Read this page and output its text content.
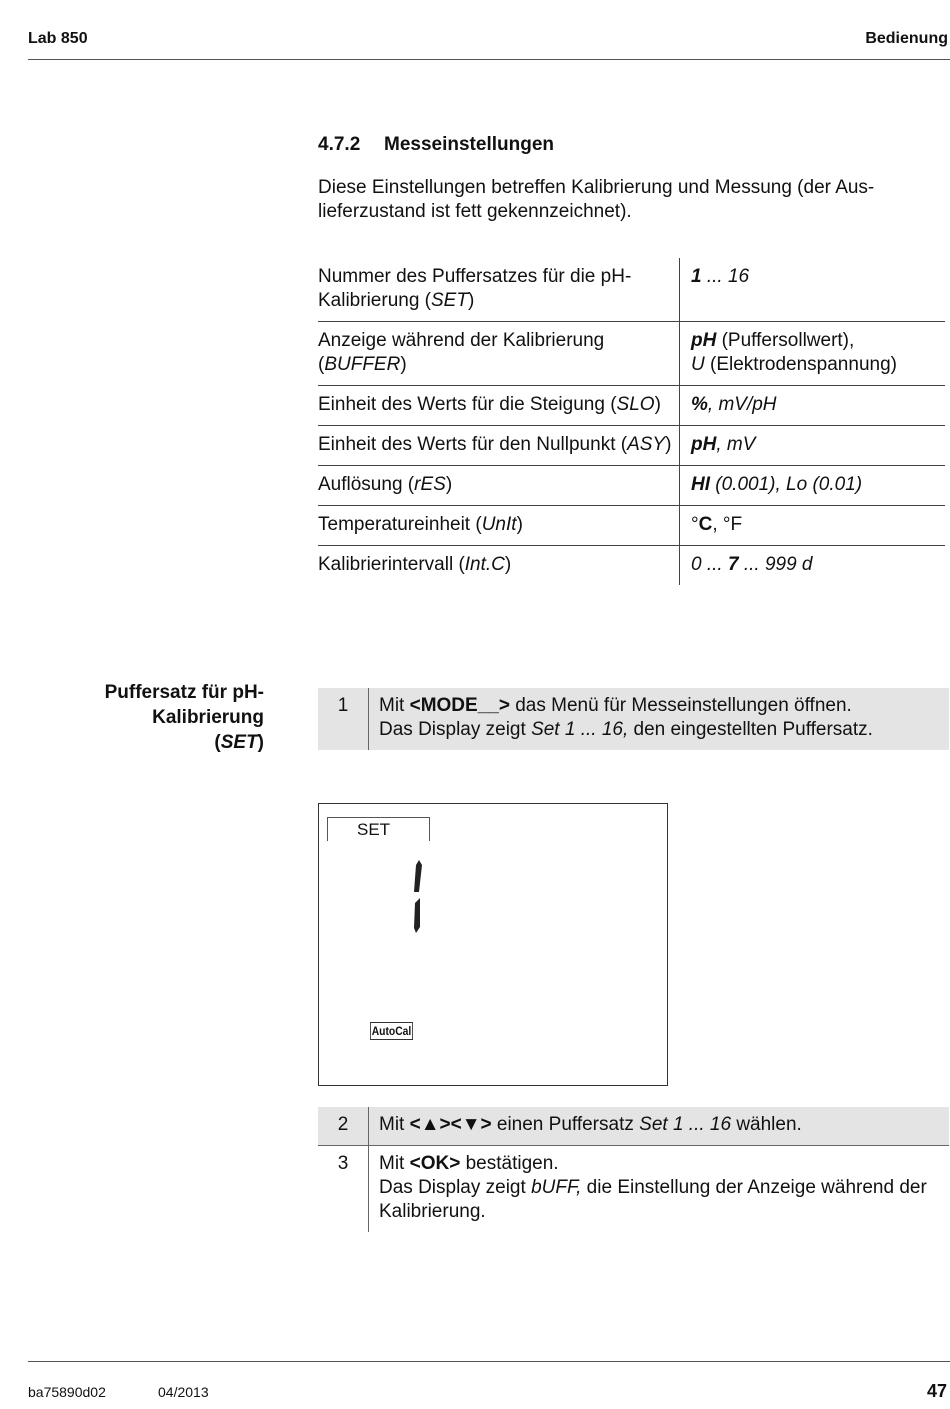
Lab 850	Bedienung
4.7.2 Messeinstellungen
Diese Einstellungen betreffen Kalibrierung und Messung (der Aus-lieferzustand ist fett gekennzeichnet).
Nummer des Puffersatzes für die pH-Kalibrierung (SET)	1 ... 16
Anzeige während der Kalibrierung (BUFFER)	pH (Puffersollwert),
U (Elektrodenspannung)
Einheit des Werts für die Steigung (SLO)	%, mV/pH
Einheit des Werts für den Nullpunkt (ASY)	pH, mV
Auflösung (rES)	HI (0.001), Lo (0.01)
Temperatureinheit (UnIt)	°C, °F
Kalibrierintervall (Int.C)	0 ... 7 ... 999 d
Puffersatz für pH-
Kalibrierung
(SET)
1	Mit <MODE__> das Menü für Messeinstellungen öffnen.
Das Display zeigt Set 1 ... 16, den eingestellten Puffersatz.
SET
AutoCal
2	Mit <▲><▼> einen Puffersatz Set 1 ... 16 wählen.
3	Mit <OK> bestätigen.
Das Display zeigt bUFF, die Einstellung der Anzeige während der Kalibrierung.
ba75890d02	04/2013	47
